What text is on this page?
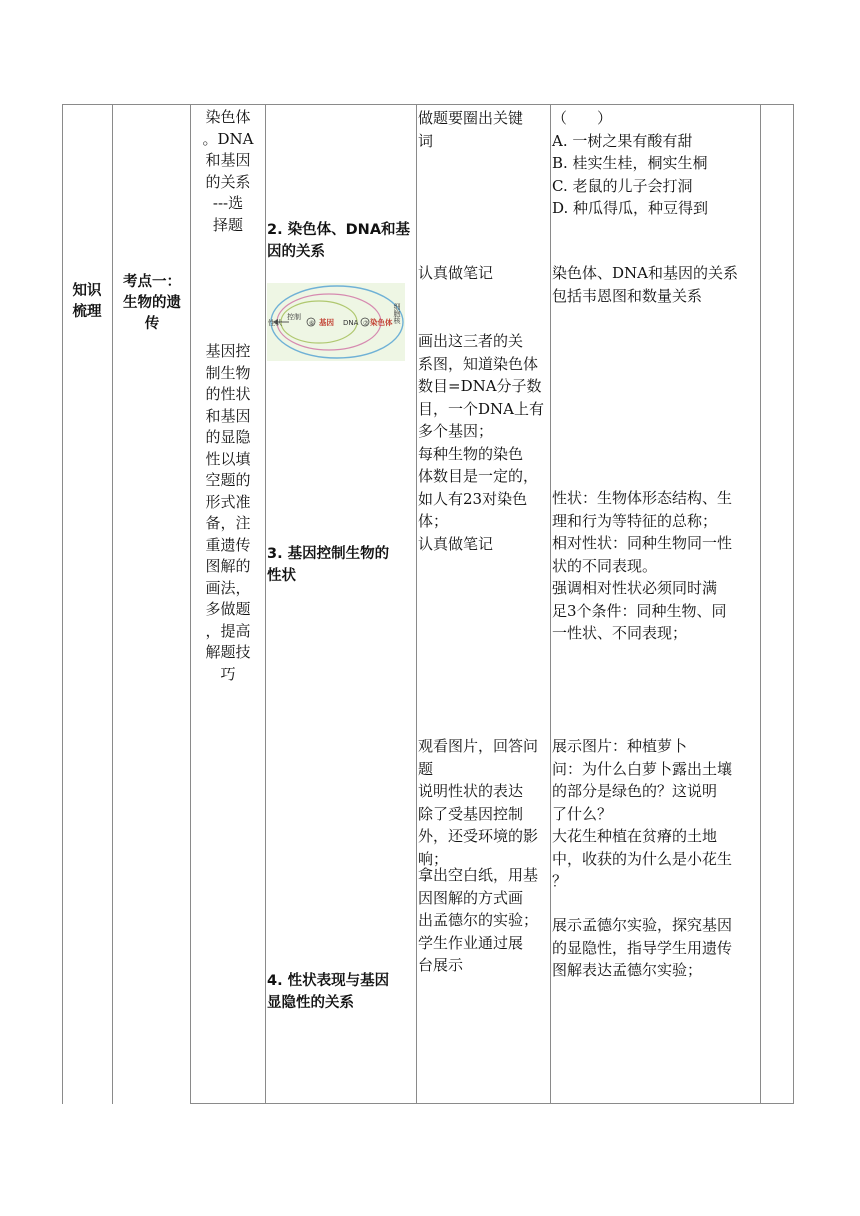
知识
梳理
考点一：
生物的遗
传
染色体
。DNA
和基因
的关系
---选
择题
基因控
制生物
的性状
和基因
的显隐
性以填
空题的
形式准
备，注
重遗传
图解的
画法，
多做题
，提高
解题技
巧
2. 染色体、DNA和基
因的关系
性状
控制
⑥ 基因 DNA ⑦ 染色体 细胞核
3. 基因控制生物的
性状
4. 性状表现与基因
显隐性的关系
做题要圈出关键
词
认真做笔记
画出这三者的关
系图，知道染色体
数目=DNA分子数
目，一个DNA上有
多个基因；
每种生物的染色
体数目是一定的，
如人有23对染色
体；
认真做笔记
观看图片，回答问
题
说明性状的表达
除了受基因控制
外，还受环境的影
响；
拿出空白纸，用基
因图解的方式画
出孟德尔的实验；
学生作业通过展
台展示
（　　）
A. 一树之果有酸有甜
B. 桂实生桂，桐实生桐
C. 老鼠的儿子会打洞
D. 种瓜得瓜，种豆得到
染色体、DNA和基因的关系
包括韦恩图和数量关系
性状：生物体形态结构、生
理和行为等特征的总称；
相对性状：同种生物同一性
状的不同表现。
强调相对性状必须同时满
足3个条件：同种生物、同
一性状、不同表现；
展示图片：种植萝卜
问：为什么白萝卜露出土壤
的部分是绿色的？这说明
了什么？
大花生种植在贫瘠的土地
中，收获的为什么是小花生
？
展示孟德尔实验，探究基因
的显隐性，指导学生用遗传
图解表达孟德尔实验；
